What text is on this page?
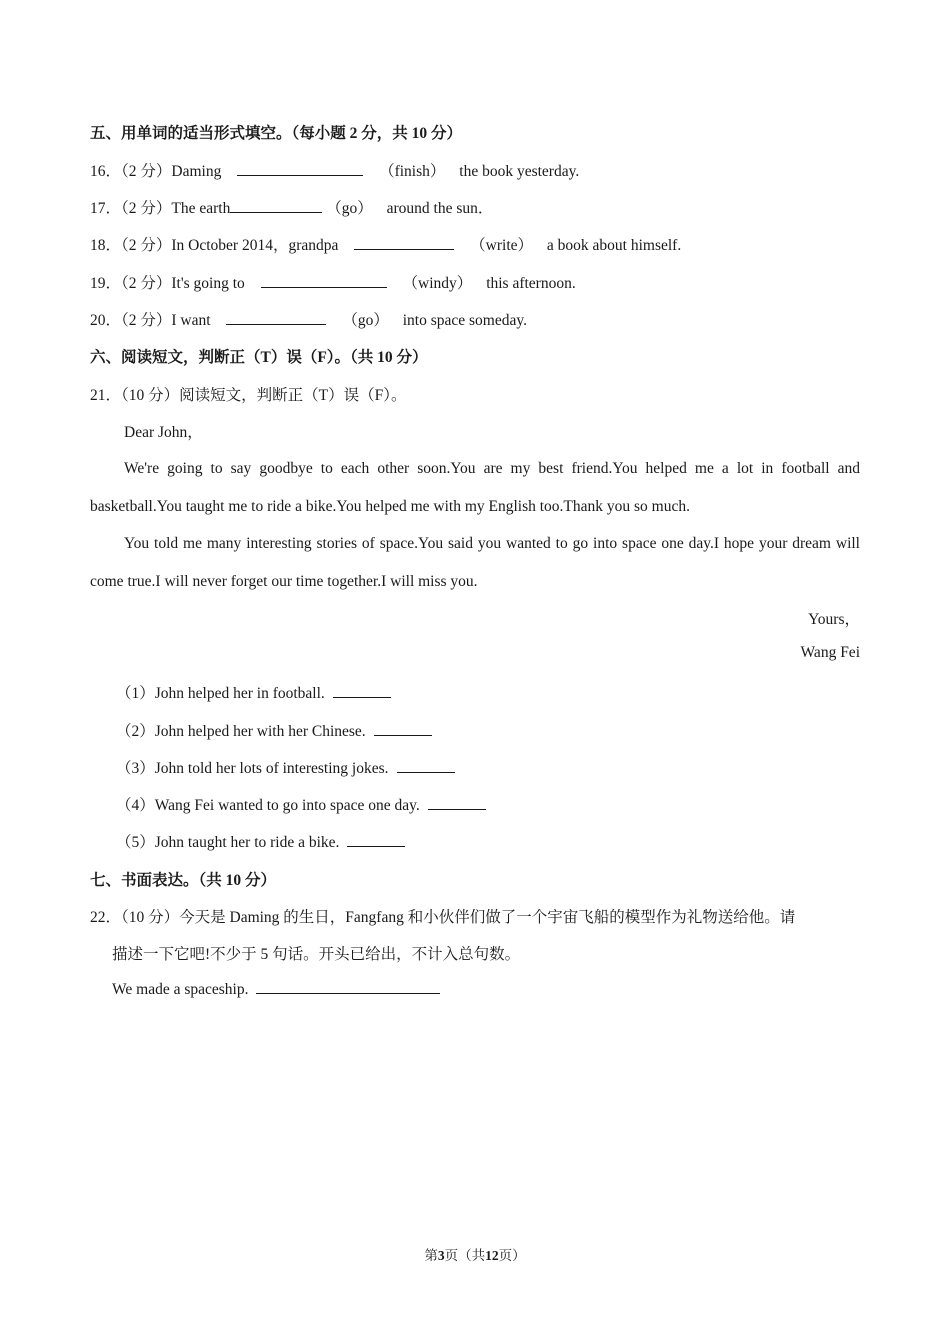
五、用单词的适当形式填空。（每小题 2 分，共 10 分）
16．（2 分）Daming	（finish） the book yesterday.
17．（2 分）The earth	（go） around the sun．
18．（2 分）In October 2014，grandpa	（write） a book about himself.
19．（2 分）It's going to	（windy） this afternoon.
20．（2 分）I want	（go） into space someday.
六、阅读短文，判断正（T）误（F）。（共 10 分）
21．（10 分）阅读短文，判断正（T）误（F）。
Dear John，
We're going to say goodbye to each other soon.You are my best friend.You helped me a lot in football and basketball.You taught me to ride a bike.You helped me with my English too.Thank you so much.
You told me many interesting stories of space.You said you wanted to go into space one day.I hope your dream will come true.I will never forget our time together.I will miss you.
Yours，
Wang Fei
（1）John helped her in football.
（2）John helped her with her Chinese.
（3）John told her lots of interesting jokes.
（4）Wang Fei wanted to go into space one day.
（5）John taught her to ride a bike.
七、书面表达。（共 10 分）
22．（10 分）今天是 Daming 的生日，Fangfang 和小伙伴们做了一个宇宙飞船的模型作为礼物送给他。请
描述一下它吧!不少于 5 句话。开头已给出，不计入总句数。
We made a spaceship.
第3页（共12页）
